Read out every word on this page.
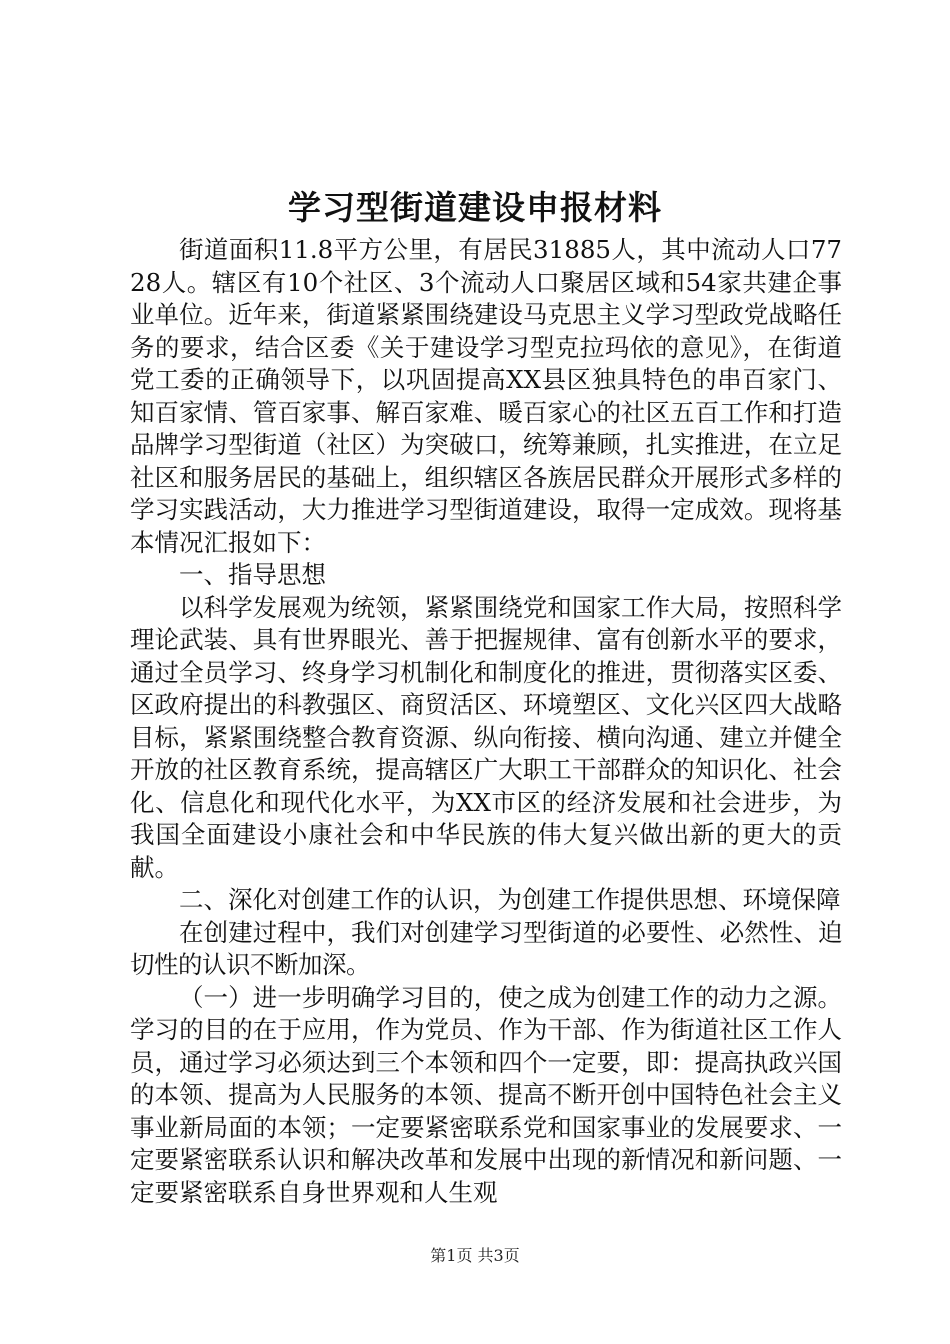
学习型街道建设申报材料

街道面积11.8平方公里，有居民31885人，其中流动人口7728人。辖区有10个社区、3个流动人口聚居区域和54家共建企事业单位。近年来，街道紧紧围绕建设马克思主义学习型政党战略任务的要求，结合区委《关于建设学习型克拉玛依的意见》，在街道党工委的正确领导下，以巩固提高XX县区独具特色的串百家门、知百家情、管百家事、解百家难、暖百家心的社区五百工作和打造品牌学习型街道（社区）为突破口，统筹兼顾，扎实推进，在立足社区和服务居民的基础上，组织辖区各族居民群众开展形式多样的学习实践活动，大力推进学习型街道建设，取得一定成效。现将基本情况汇报如下：

一、指导思想

以科学发展观为统领，紧紧围绕党和国家工作大局，按照科学理论武装、具有世界眼光、善于把握规律、富有创新水平的要求，通过全员学习、终身学习机制化和制度化的推进，贯彻落实区委、区政府提出的科教强区、商贸活区、环境塑区、文化兴区四大战略目标，紧紧围绕整合教育资源、纵向衔接、横向沟通、建立并健全开放的社区教育系统，提高辖区广大职工干部群众的知识化、社会化、信息化和现代化水平，为XX市区的经济发展和社会进步，为我国全面建设小康社会和中华民族的伟大复兴做出新的更大的贡献。

二、深化对创建工作的认识，为创建工作提供思想、环境保障

在创建过程中，我们对创建学习型街道的必要性、必然性、迫切性的认识不断加深。

（一）进一步明确学习目的，使之成为创建工作的动力之源。学习的目的在于应用，作为党员、作为干部、作为街道社区工作人员，通过学习必须达到三个本领和四个一定要，即：提高执政兴国的本领、提高为人民服务的本领、提高不断开创中国特色社会主义事业新局面的本领；一定要紧密联系党和国家事业的发展要求、一定要紧密联系认识和解决改革和发展中出现的新情况和新问题、一定要紧密联系自身世界观和人生观

第1页 共3页
